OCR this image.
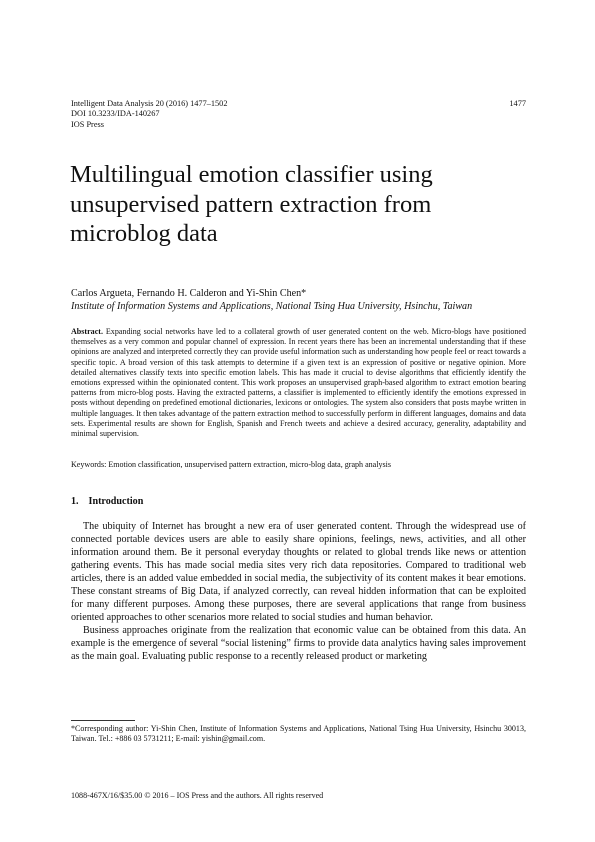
Intelligent Data Analysis 20 (2016) 1477–1502
DOI 10.3233/IDA-140267
IOS Press
1477
Multilingual emotion classifier using
unsupervised pattern extraction from
microblog data
Carlos Argueta, Fernando H. Calderon and Yi-Shin Chen*
Institute of Information Systems and Applications, National Tsing Hua University, Hsinchu, Taiwan
Abstract. Expanding social networks have led to a collateral growth of user generated content on the web. Micro-blogs have positioned themselves as a very common and popular channel of expression. In recent years there has been an incremental understanding that if these opinions are analyzed and interpreted correctly they can provide useful information such as understanding how people feel or react towards a specific topic. A broad version of this task attempts to determine if a given text is an expression of positive or negative opinion. More detailed alternatives classify texts into specific emotion labels. This has made it crucial to devise algorithms that efficiently identify the emotions expressed within the opinionated content. This work proposes an unsupervised graph-based algorithm to extract emotion bearing patterns from micro-blog posts. Having the extracted patterns, a classifier is implemented to efficiently identify the emotions expressed in posts without depending on predefined emotional dictionaries, lexicons or ontologies. The system also considers that posts maybe written in multiple languages. It then takes advantage of the pattern extraction method to successfully perform in different languages, domains and data sets. Experimental results are shown for English, Spanish and French tweets and achieve a desired accuracy, generality, adaptability and minimal supervision.
Keywords: Emotion classification, unsupervised pattern extraction, micro-blog data, graph analysis
1. Introduction

The ubiquity of Internet has brought a new era of user generated content. Through the widespread use of connected portable devices users are able to easily share opinions, feelings, news, activities, and all other information around them. Be it personal everyday thoughts or related to global trends like news or attention gathering events. This has made social media sites very rich data repositories. Compared to traditional web articles, there is an added value embedded in social media, the subjectivity of its content makes it bear emotions. These constant streams of Big Data, if analyzed correctly, can reveal hidden information that can be exploited for many different purposes. Among these purposes, there are several applications that range from business oriented approaches to other scenarios more related to social studies and human behavior.

Business approaches originate from the realization that economic value can be obtained from this data. An example is the emergence of several “social listening” firms to provide data analytics having sales improvement as the main goal. Evaluating public response to a recently released product or marketing

*Corresponding author: Yi-Shin Chen, Institute of Information Systems and Applications, National Tsing Hua University, Hsinchu 30013, Taiwan. Tel.: +886 03 5731211; E-mail: yishin@gmail.com.
1088-467X/16/$35.00 © 2016 – IOS Press and the authors. All rights reserved
